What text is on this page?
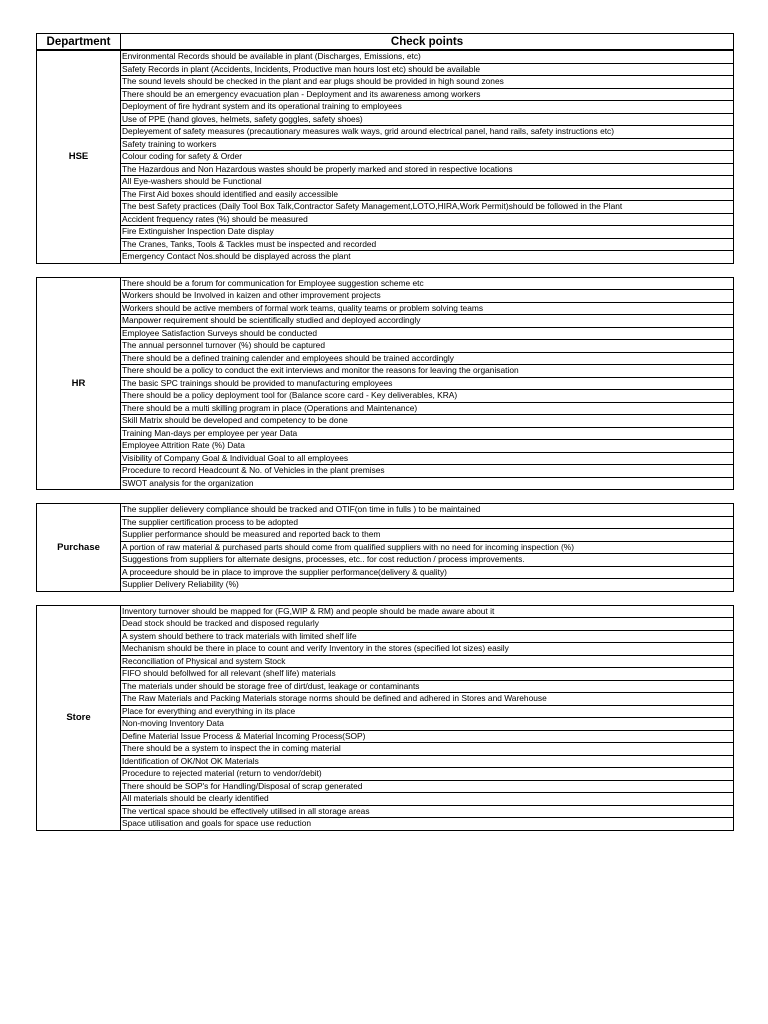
Department	Check points
HSE	Environmental Records should be available in plant (Discharges, Emissions, etc)
Safety Records in plant (Accidents, Incidents, Productive man hours lost etc) should be available
The sound levels should be checked in the plant and ear plugs should be provided in high sound zones
There should be an emergency evacuation plan - Deployment and its awareness among workers
Deployment of fire hydrant system and its operational training to employees
Use of PPE (hand gloves, helmets, safety goggles, safety shoes)
Depleyement of safety measures (precautionary measures walk ways, grid around electrical panel, hand rails, safety instructions etc)
Safety training to workers
Colour coding for safety & Order
The Hazardous and Non Hazardous wastes should be properly marked and stored in respective locations
All Eye-washers should be Functional
The First Aid boxes should identified and easily accessible
The best Safety practices (Daily Tool Box Talk,Contractor Safety Management,LOTO,HIRA,Work Permit)should be followed in the Plant
Accident frequency rates (%) should be measured
Fire Extinguisher Inspection Date display
The Cranes, Tanks, Tools & Tackles must be inspected and recorded
Emergency Contact Nos.should be displayed across the plant
HR	There should be a forum for communication for Employee suggestion scheme etc
Workers should be Involved in kaizen and other improvement projects
Workers should be active members of formal work teams, quality teams or problem solving teams
Manpower requirement should be scientifically studied and deployed accordingly
Employee Satisfaction Surveys should be conducted
The annual personnel turnover (%) should be captured
There should be a defined training calender and employees should be trained accordingly
There should be a policy to conduct the exit interviews and monitor the reasons for leaving the organisation
The basic SPC trainings should be provided to manufacturing employees
There should be a policy deployment tool for (Balance score card - Key deliverables, KRA)
There should be a multi skilling program in place (Operations and Maintenance)
Skill Matrix should be developed and competency to be done
Training Man-days per employee per year Data
Employee Attrition Rate (%) Data
Visibility of Company Goal & Individual Goal to all employees
Procedure to record Headcount & No. of Vehicles in the plant premises
SWOT analysis for the organization
Purchase	The supplier delievery compliance should be tracked and OTIF(on time in fulls ) to be maintained
The supplier certification process to be adopted
Supplier performance should be measured and reported back to them
A portion of raw material & purchased parts should come from qualified suppliers with no need for incoming inspection (%)
Suggestions from suppliers for alternate designs, processes, etc.. for cost reduction / process improvements.
A proceedure should be in place to improve the supplier performance(delivery & quality)
Supplier Delivery Reliability (%)
Store	Inventory turnover should be mapped for (FG,WIP & RM) and people should be made aware about it
Dead stock should be tracked and disposed regularly
A system should bethere to track materials with limited shelf life
Mechanism should be there in place to count and verify Inventory in the stores (specified lot sizes) easily
Reconciliation of Physical and system Stock
FIFO should befollwed for all relevant (shelf life) materials
The materials under should be storage free of dirt/dust, leakage or contaminants
The Raw Materials and Packing Materials storage norms should be defined and adhered in Stores and Warehouse
Place for everything and everything in its place
Non-moving Inventory Data
Define Material Issue Process & Material Incoming Process(SOP)
There should be a system to inspect the in coming material
Identification of OK/Not OK Materials
Procedure to rejected material (return to vendor/debit)
There should be SOP's for Handling/Disposal of scrap generated
All materials should be clearly identified
The vertical space should be effectively utilised in all storage areas
Space utilisation and goals for space use reduction
